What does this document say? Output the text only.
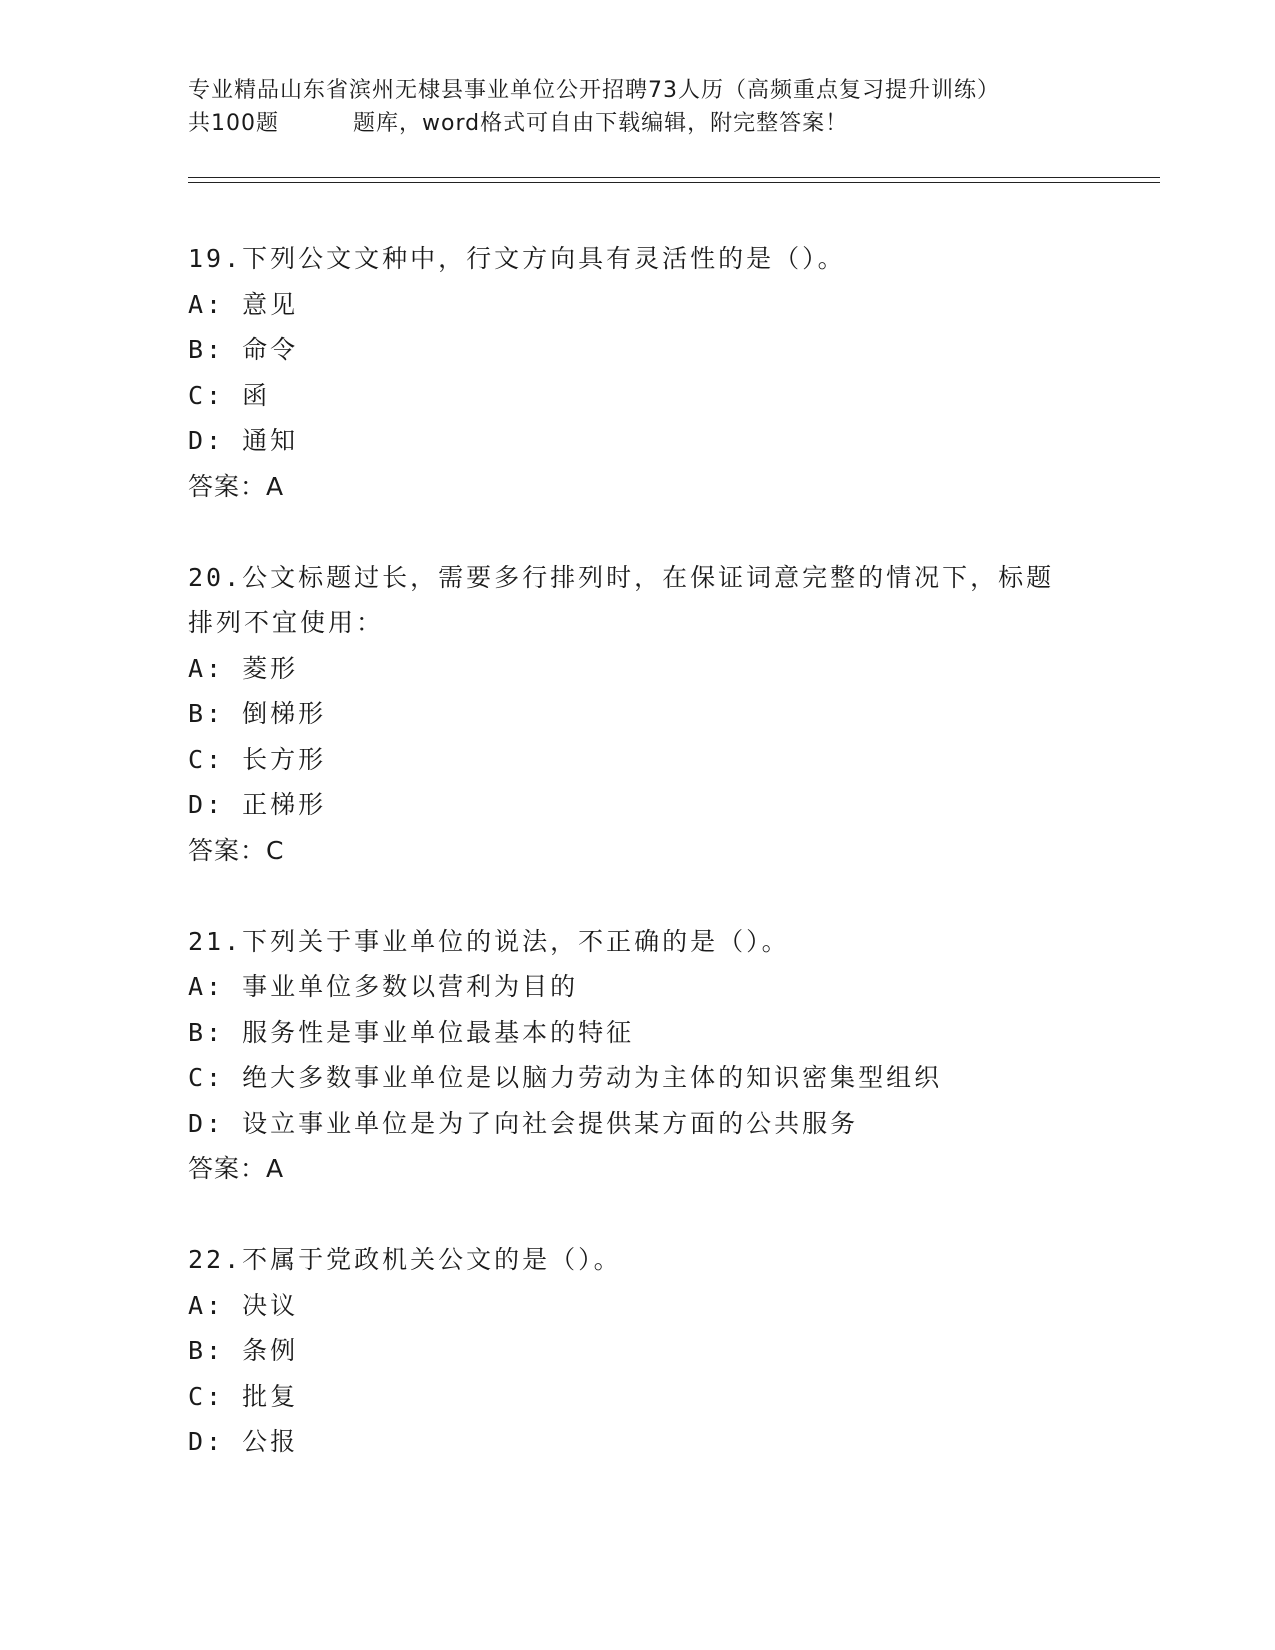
专业精品山东省滨州无棣县事业单位公开招聘73人历（高频重点复习提升训练）
共100题	题库，word格式可自由下载编辑，附完整答案！
19.下列公文文种中，行文方向具有灵活性的是（）。
A: 意见
B: 命令
C: 函
D: 通知
答案：A
20.公文标题过长，需要多行排列时，在保证词意完整的情况下，标题
排列不宜使用：
A: 菱形
B: 倒梯形
C: 长方形
D: 正梯形
答案：C
21.下列关于事业单位的说法，不正确的是（）。
A: 事业单位多数以营利为目的
B: 服务性是事业单位最基本的特征
C: 绝大多数事业单位是以脑力劳动为主体的知识密集型组织
D: 设立事业单位是为了向社会提供某方面的公共服务
答案：A
22.不属于党政机关公文的是（）。
A: 决议
B: 条例
C: 批复
D: 公报
